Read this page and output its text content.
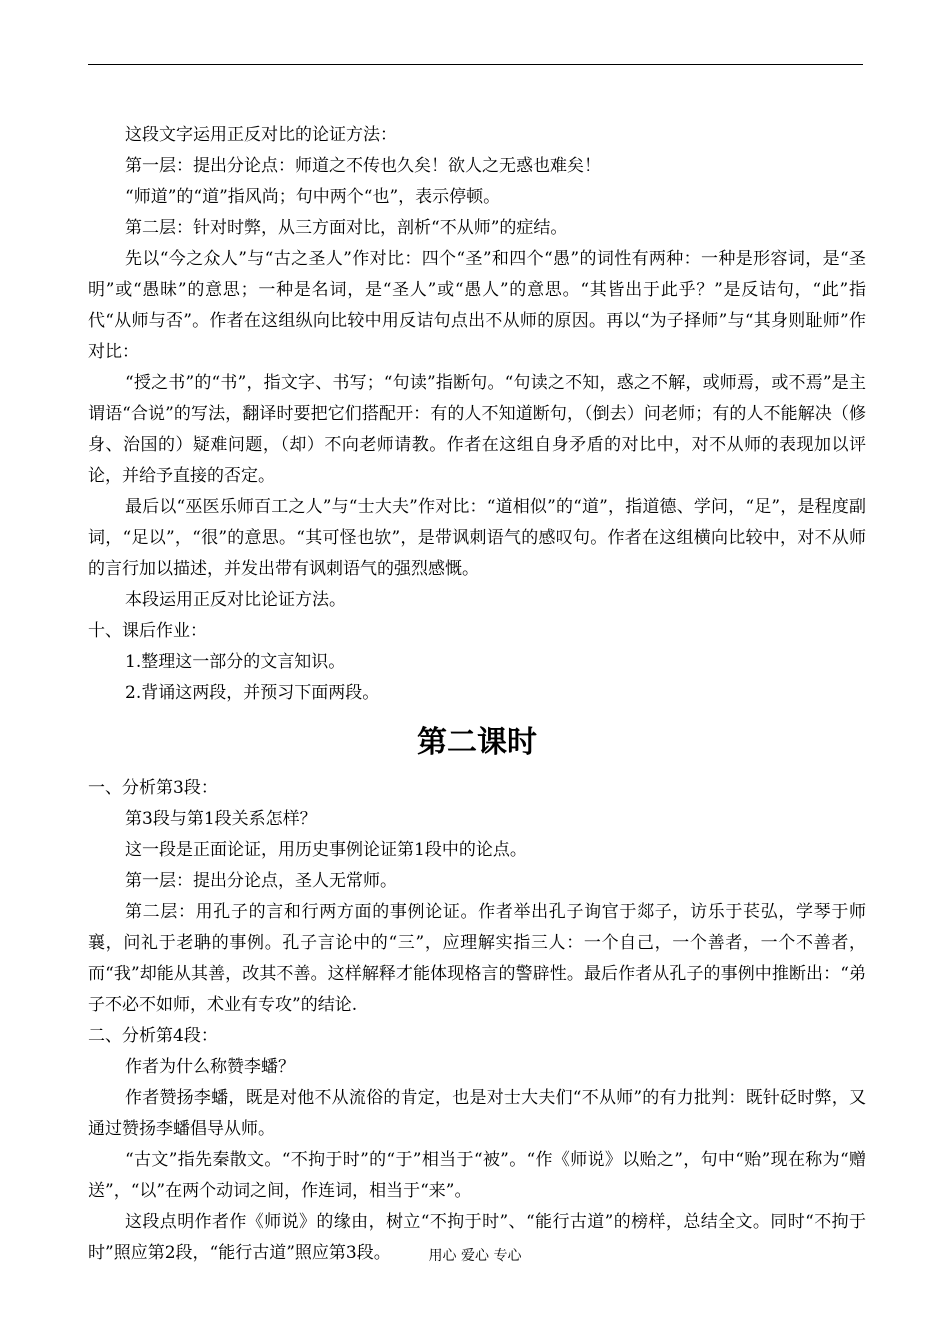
这段文字运用正反对比的论证方法：

第一层：提出分论点：师道之不传也久矣！欲人之无惑也难矣！

“师道”的“道”指风尚；句中两个“也”，表示停顿。

第二层：针对时弊，从三方面对比，剖析“不从师”的症结。

先以“今之众人”与“古之圣人”作对比：四个“圣”和四个“愚”的词性有两种：一种是形容词，是“圣明”或“愚昧”的意思；一种是名词，是“圣人”或“愚人”的意思。“其皆出于此乎？”是反诘句，“此”指代“从师与否”。作者在这组纵向比较中用反诘句点出不从师的原因。再以“为子择师”与“其身则耻师”作对比：

“授之书”的“书”，指文字、书写；“句读”指断句。“句读之不知，惑之不解，或师焉，或不焉”是主谓语“合说”的写法，翻译时要把它们搭配开：有的人不知道断句，（倒去）问老师；有的人不能解决（修身、治国的）疑难问题，（却）不向老师请教。作者在这组自身矛盾的对比中，对不从师的表现加以评论，并给予直接的否定。

最后以“巫医乐师百工之人”与“士大夫”作对比：“道相似”的“道”，指道德、学问，“足”，是程度副词，“足以”，“很”的意思。“其可怪也欤”，是带讽刺语气的感叹句。作者在这组横向比较中，对不从师的言行加以描述，并发出带有讽刺语气的强烈感慨。

本段运用正反对比论证方法。

十、课后作业：

1.整理这一部分的文言知识。

2.背诵这两段，并预习下面两段。

第二课时

一、分析第3段：

第3段与第1段关系怎样？

这一段是正面论证，用历史事例论证第1段中的论点。

第一层：提出分论点，圣人无常师。

第二层：用孔子的言和行两方面的事例论证。作者举出孔子询官于郯子，访乐于苌弘，学琴于师襄，问礼于老聃的事例。孔子言论中的“三”，应理解实指三人：一个自己，一个善者，一个不善者，而“我”却能从其善，改其不善。这样解释才能体现格言的警辟性。最后作者从孔子的事例中推断出：“弟子不必不如师，术业有专攻”的结论.

二、分析第4段：

作者为什么称赞李蟠？

作者赞扬李蟠，既是对他不从流俗的肯定，也是对士大夫们“不从师”的有力批判：既针砭时弊，又通过赞扬李蟠倡导从师。

“古文”指先秦散文。“不拘于时”的“于”相当于“被”。“作《师说》以贻之”，句中“贻”现在称为“赠送”，“以”在两个动词之间，作连词，相当于“来”。

这段点明作者作《师说》的缘由，树立“不拘于时”、“能行古道”的榜样，总结全文。同时“不拘于时”照应第2段，“能行古道”照应第3段。	用心 爱心 专心
